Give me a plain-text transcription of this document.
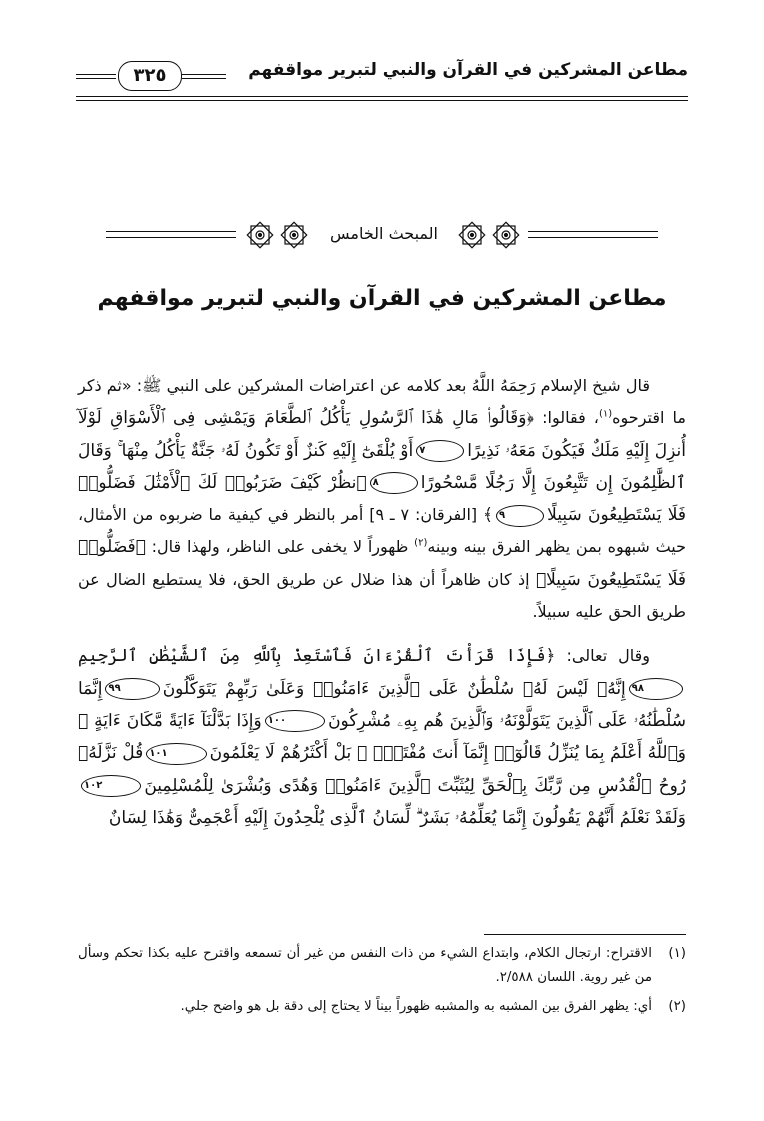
مطاعن المشركين في القرآن والنبي لتبرير مواقفهم
٣٢٥
المبحث الخامس
مطاعن المشركين في القرآن والنبي لتبرير مواقفهم

قال شيخ الإسلام رَحِمَهُ اللَّهُ بعد كلامه عن اعتراضات المشركين على النبي ﷺ: «ثم ذكر ما اقترحوه$^{(١)}$، فقالوا: ﴿وَقَالُوا۟ مَالِ هَٰذَا ٱلرَّسُولِ يَأْكُلُ ٱلطَّعَامَ وَيَمْشِى فِى ٱلْأَسْوَاقِ لَوْلَآ أُنزِلَ إِلَيْهِ مَلَكٌ فَيَكُونَ مَعَهُۥ نَذِيرًا٧أَوْ يُلْقَىٰٓ إِلَيْهِ كَنزٌ أَوْ تَكُونُ لَهُۥ جَنَّةٌ يَأْكُلُ مِنْهَا ۚ وَقَالَ ٱلظَّٰلِمُونَ إِن تَتَّبِعُونَ إِلَّا رَجُلًا مَّسْحُورًا٨ٱنظُرْ كَيْفَ ضَرَبُوا۟ لَكَ ٱلْأَمْثَٰلَ فَضَلُّوا۟ فَلَا يَسْتَطِيعُونَ سَبِيلًا٩﴾ [الفرقان: ٧ ـ ٩] أمر بالنظر في كيفية ما ضربوه من الأمثال، حيث شبهوه بمن يظهر الفرق بينه وبينه$^{(٢)}$ ظهوراً لا يخفى على الناظر، ولهذا قال: ﴿فَضَلُّوا۟ فَلَا يَسْتَطِيعُونَ سَبِيلًا﴾ إذ كان ظاهراً أن هذا ضلال عن طريق الحق، فلا يستطيع الضال عن طريق الحق عليه سبيلاً.

وقال تعالى: ﴿فَإِذَا قَرَأْتَ ٱلْقُرْءَانَ فَٱسْتَعِذْ بِٱللَّهِ مِنَ ٱلشَّيْطَٰنِ ٱلرَّجِيمِ٩٨إِنَّهُۥ لَيْسَ لَهُۥ سُلْطَٰنٌ عَلَى ٱلَّذِينَ ءَامَنُوا۟ وَعَلَىٰ رَبِّهِمْ يَتَوَكَّلُونَ٩٩إِنَّمَا سُلْطَٰنُهُۥ عَلَى ٱلَّذِينَ يَتَوَلَّوْنَهُۥ وَٱلَّذِينَ هُم بِهِۦ مُشْرِكُونَ١٠٠وَإِذَا بَدَّلْنَآ ءَايَةً مَّكَانَ ءَايَةٍ ۙ وَٱللَّهُ أَعْلَمُ بِمَا يُنَزِّلُ قَالُوٓا۟ إِنَّمَآ أَنتَ مُفْتَرٍۭ ۚ بَلْ أَكْثَرُهُمْ لَا يَعْلَمُونَ١٠١قُلْ نَزَّلَهُۥ رُوحُ ٱلْقُدُسِ مِن رَّبِّكَ بِٱلْحَقِّ لِيُثَبِّتَ ٱلَّذِينَ ءَامَنُوا۟ وَهُدًى وَبُشْرَىٰ لِلْمُسْلِمِينَ١٠٢وَلَقَدْ نَعْلَمُ أَنَّهُمْ يَقُولُونَ إِنَّمَا يُعَلِّمُهُۥ بَشَرٌ ۗ لِّسَانُ ٱلَّذِى يُلْحِدُونَ إِلَيْهِ أَعْجَمِىٌّ وَهَٰذَا لِسَانٌ

(١)
الاقتراح: ارتجال الكلام، وابتداع الشيء من ذات النفس من غير أن تسمعه واقترح عليه بكذا تحكم وسأل من غير روية. اللسان ٢/٥٨٨.
(٢)
أي: يظهر الفرق بين المشبه به والمشبه ظهوراً بيناً لا يحتاج إلى دقة بل هو واضح جلي.
